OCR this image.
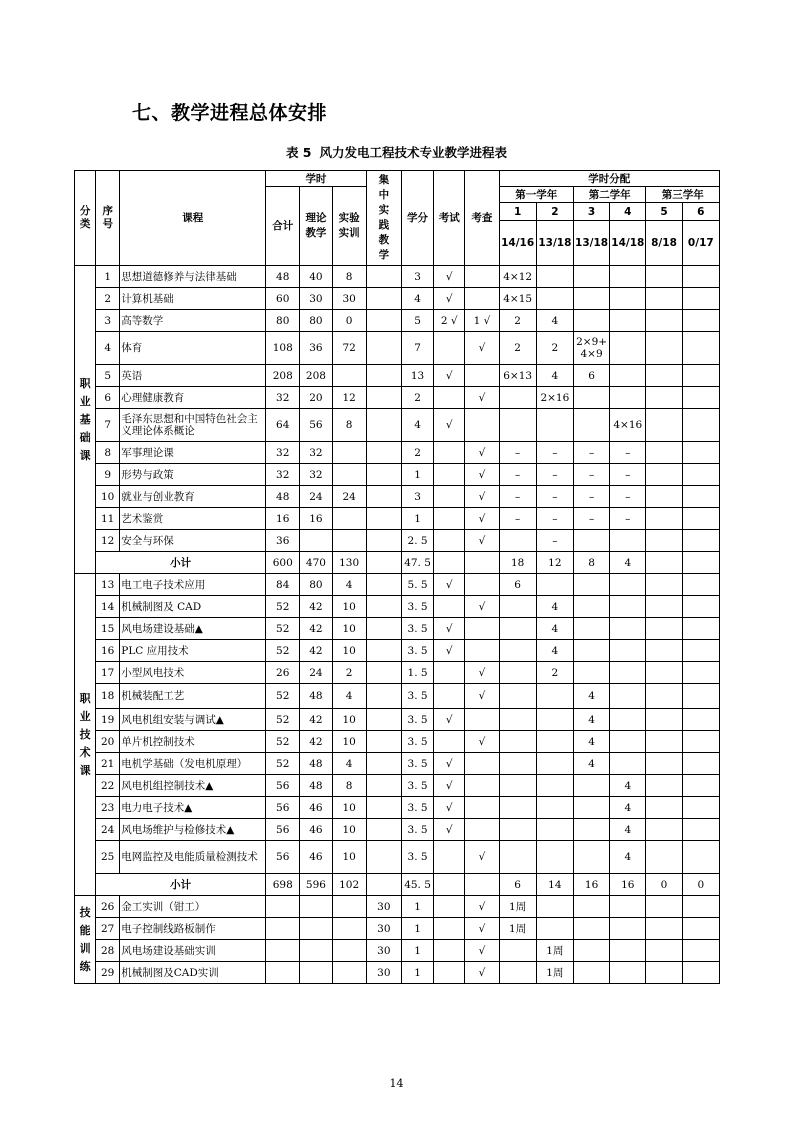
七、教学进程总体安排
表 5 风力发电工程技术专业教学进程表
分类	序号	课程	学时			集中实践教学	学分	考试	考查	学时分配					
			合计	理论教学	实验实训					第一学年		第二学年		第三学年	
										1	2	3	4	5	6
										14/16	13/18	13/18	14/18	8/18	0/17
职业基础课	1	思想道德修养与法律基础	48	40	8		3	√		4×12					
	2	计算机基础	60	30	30		4	√		4×15					
	3	高等数学	80	80	0		5	2 √	1 √	2	4				
	4	体育	108	36	72		7		√	2	2	2×9+ 4×9			
	5	英语	208	208			13	√		6×13	4	6			
	6	心理健康教育	32	20	12		2		√		2×16				
	7	毛泽东思想和中国特色社会主义理论体系概论	64	56	8		4	√					4×16		
	8	军事理论课	32	32			2		√	–	–	–	–		
	9	形势与政策	32	32			1		√	–	–	–	–		
	10	就业与创业教育	48	24	24		3		√	–	–	–	–		
	11	艺术鉴赏	16	16			1		√	–	–	–	–		
	12	安全与环保	36				2. 5		√		–				
	小计		600	470	130		47. 5			18	12	8	4		
职业技术课	13	电工电子技术应用	84	80	4		5. 5	√		6					
	14	机械制图及 CAD	52	42	10		3. 5		√		4				
	15	风电场建设基础▲	52	42	10		3. 5	√			4				
	16	PLC 应用技术	52	42	10		3. 5	√			4				
	17	小型风电技术	26	24	2		1. 5		√		2				
	18	机械装配工艺	52	48	4		3. 5		√			4			
	19	风电机组安装与调试▲	52	42	10		3. 5	√				4			
	20	单片机控制技术	52	42	10		3. 5		√			4			
	21	电机学基础（发电机原理）	52	48	4		3. 5	√				4			
	22	风电机组控制技术▲	56	48	8		3. 5	√					4		
	23	电力电子技术▲	56	46	10		3. 5	√					4		
	24	风电场维护与检修技术▲	56	46	10		3. 5	√					4		
	25	电网监控及电能质量检测技术	56	46	10		3. 5		√				4		
	小计		698	596	102		45. 5			6	14	16	16	0	0
技能训练	26	金工实训（钳工）				30	1		√	1周					
	27	电子控制线路板制作				30	1		√	1周					
	28	风电场建设基础实训				30	1		√		1周				
	29	机械制图及CAD实训				30	1		√		1周				
14
